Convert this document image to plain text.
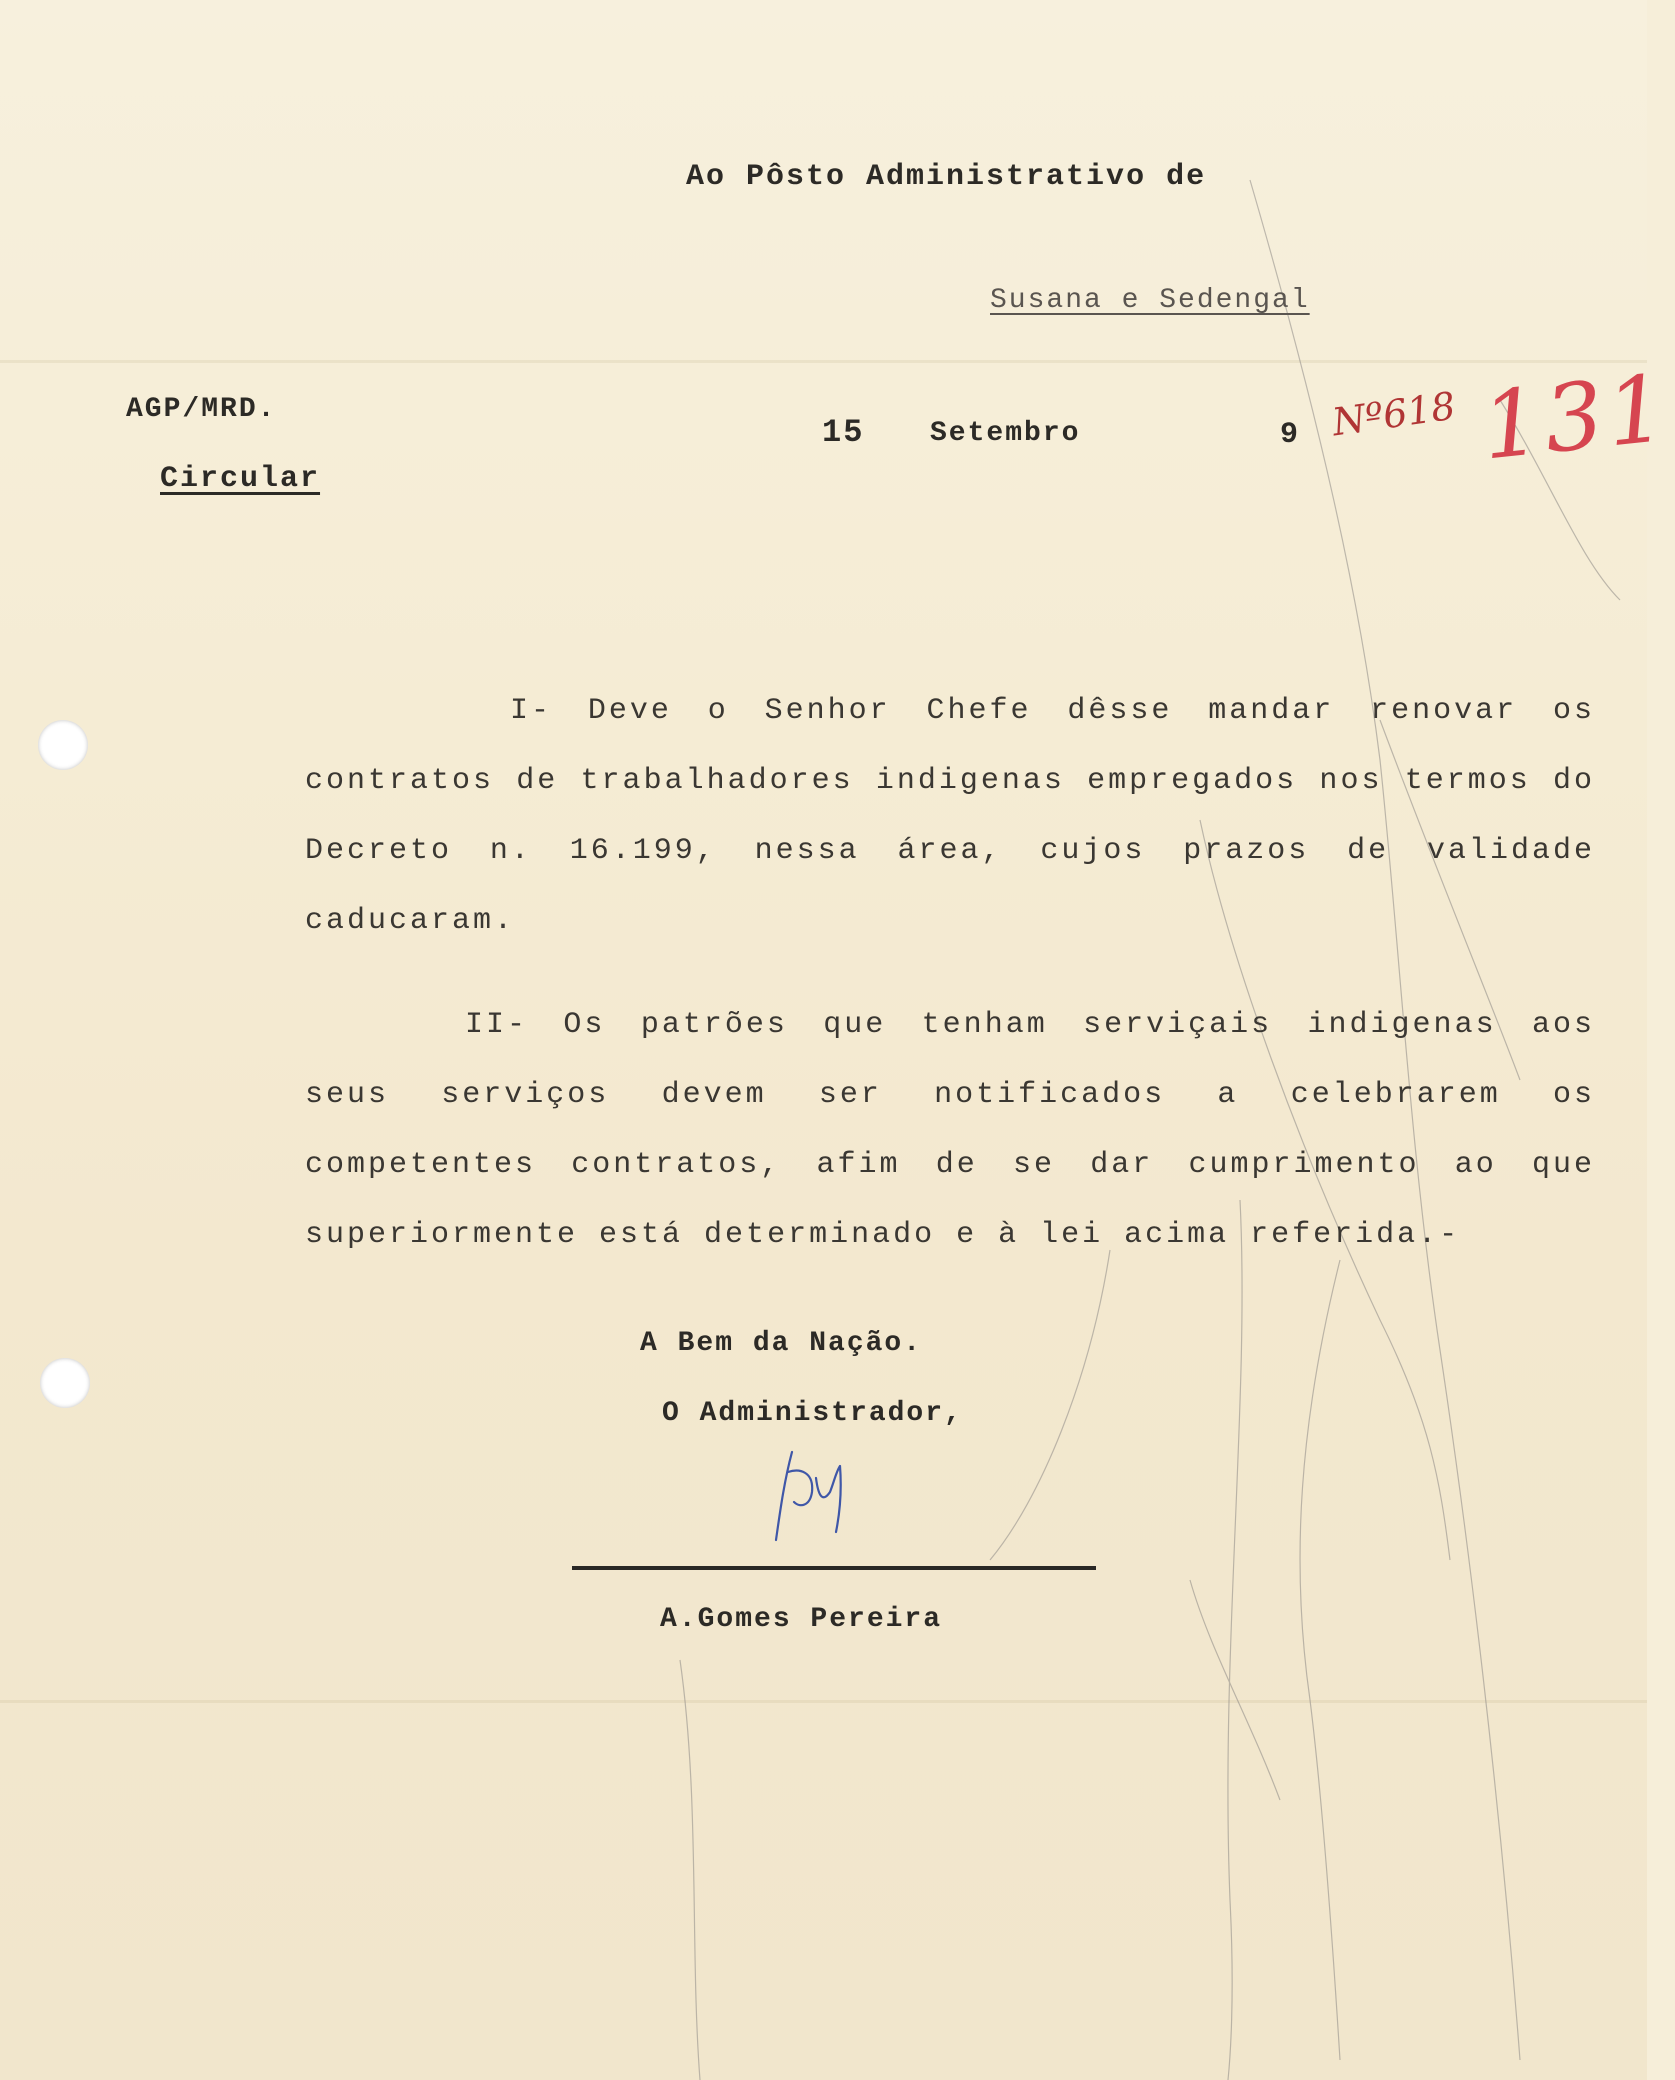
Ao Pôsto Administrativo de
Susana e Sedengal
AGP/MRD.
Circular
15 Setembro	9 Nº618 131

I- Deve o Senhor Chefe dêsse mandar renovar os contratos de trabalhadores indigenas empregados nos termos do Decreto n. 16.199, nessa área, cujos prazos de validade caducaram.

II- Os patrões que tenham serviçais indigenas aos seus serviços devem ser notificados a celebrarem os competentes contratos, afim de se dar cumprimento ao que superiormente está determinado e à lei acima referida.-

A Bem da Nação.
O Administrador,
A.Gomes Pereira
